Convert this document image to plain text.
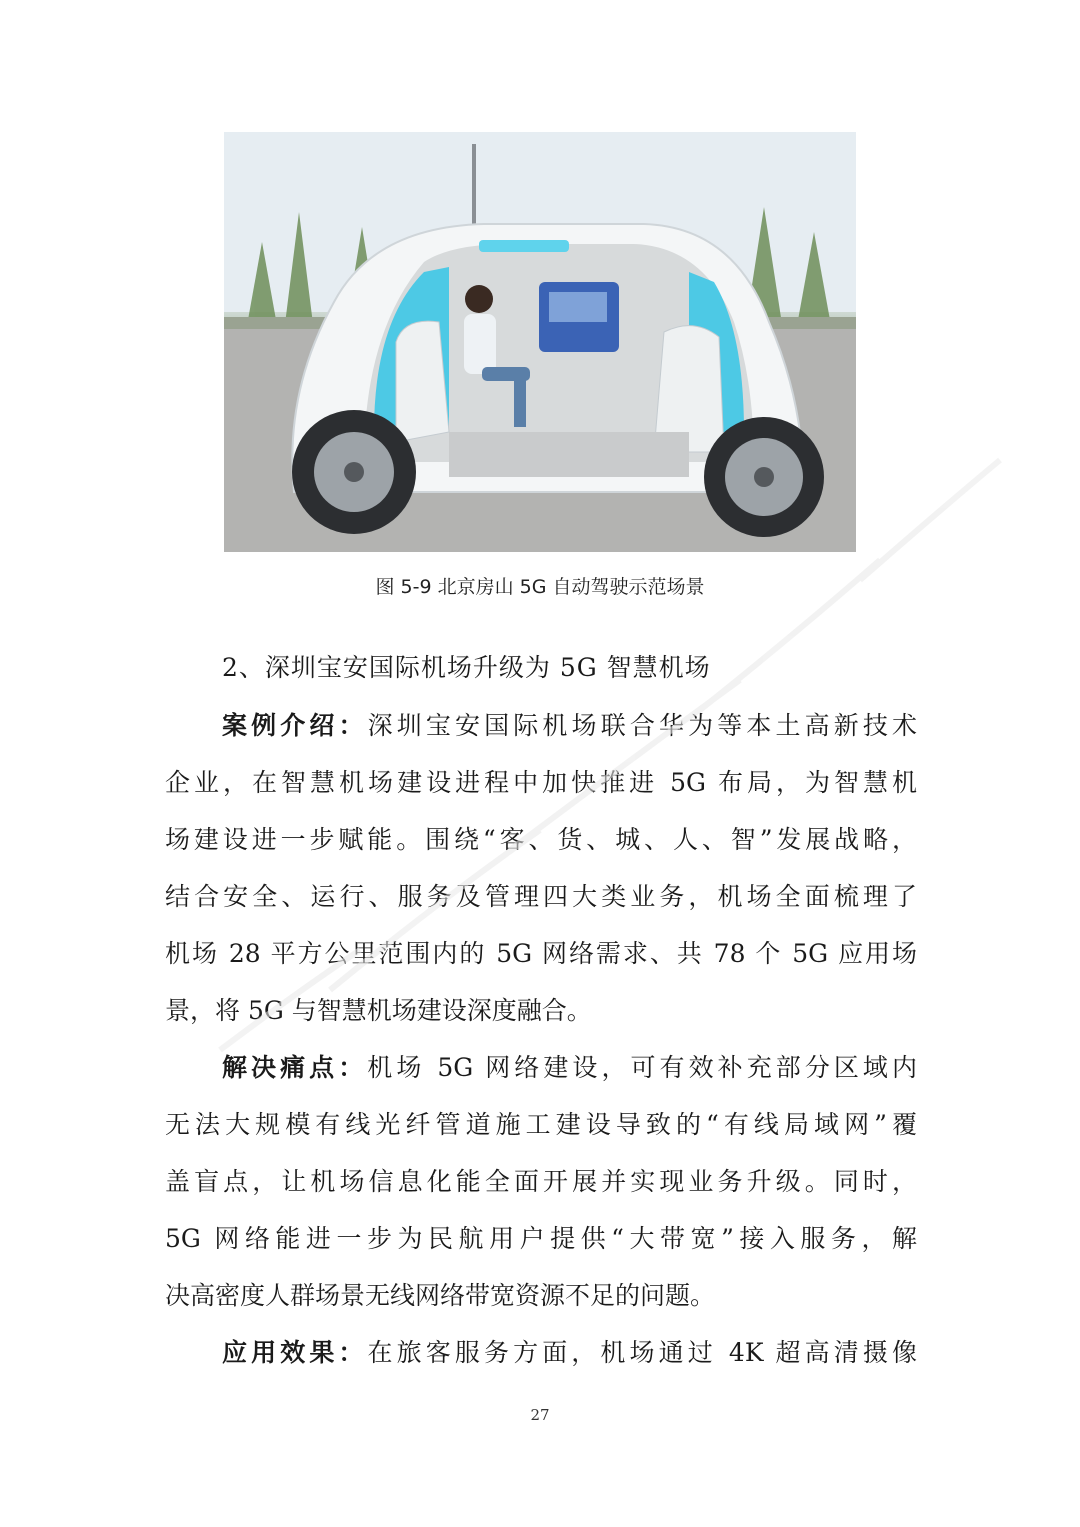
图 5-9 北京房山 5G 自动驾驶示范场景
2、深圳宝安国际机场升级为 5G 智慧机场
案例介绍：深圳宝安国际机场联合华为等本土高新技术
企业，在智慧机场建设进程中加快推进 5G 布局，为智慧机
场建设进一步赋能。围绕“客、货、城、人、智”发展战略，
结合安全、运行、服务及管理四大类业务，机场全面梳理了
机场 28 平方公里范围内的 5G 网络需求、共 78 个 5G 应用场
景，将 5G 与智慧机场建设深度融合。
解决痛点：机场 5G 网络建设，可有效补充部分区域内
无法大规模有线光纤管道施工建设导致的“有线局域网”覆
盖盲点，让机场信息化能全面开展并实现业务升级。同时，
5G 网络能进一步为民航用户提供“大带宽”接入服务，解
决高密度人群场景无线网络带宽资源不足的问题。
应用效果：在旅客服务方面，机场通过 4K 超高清摄像
27
